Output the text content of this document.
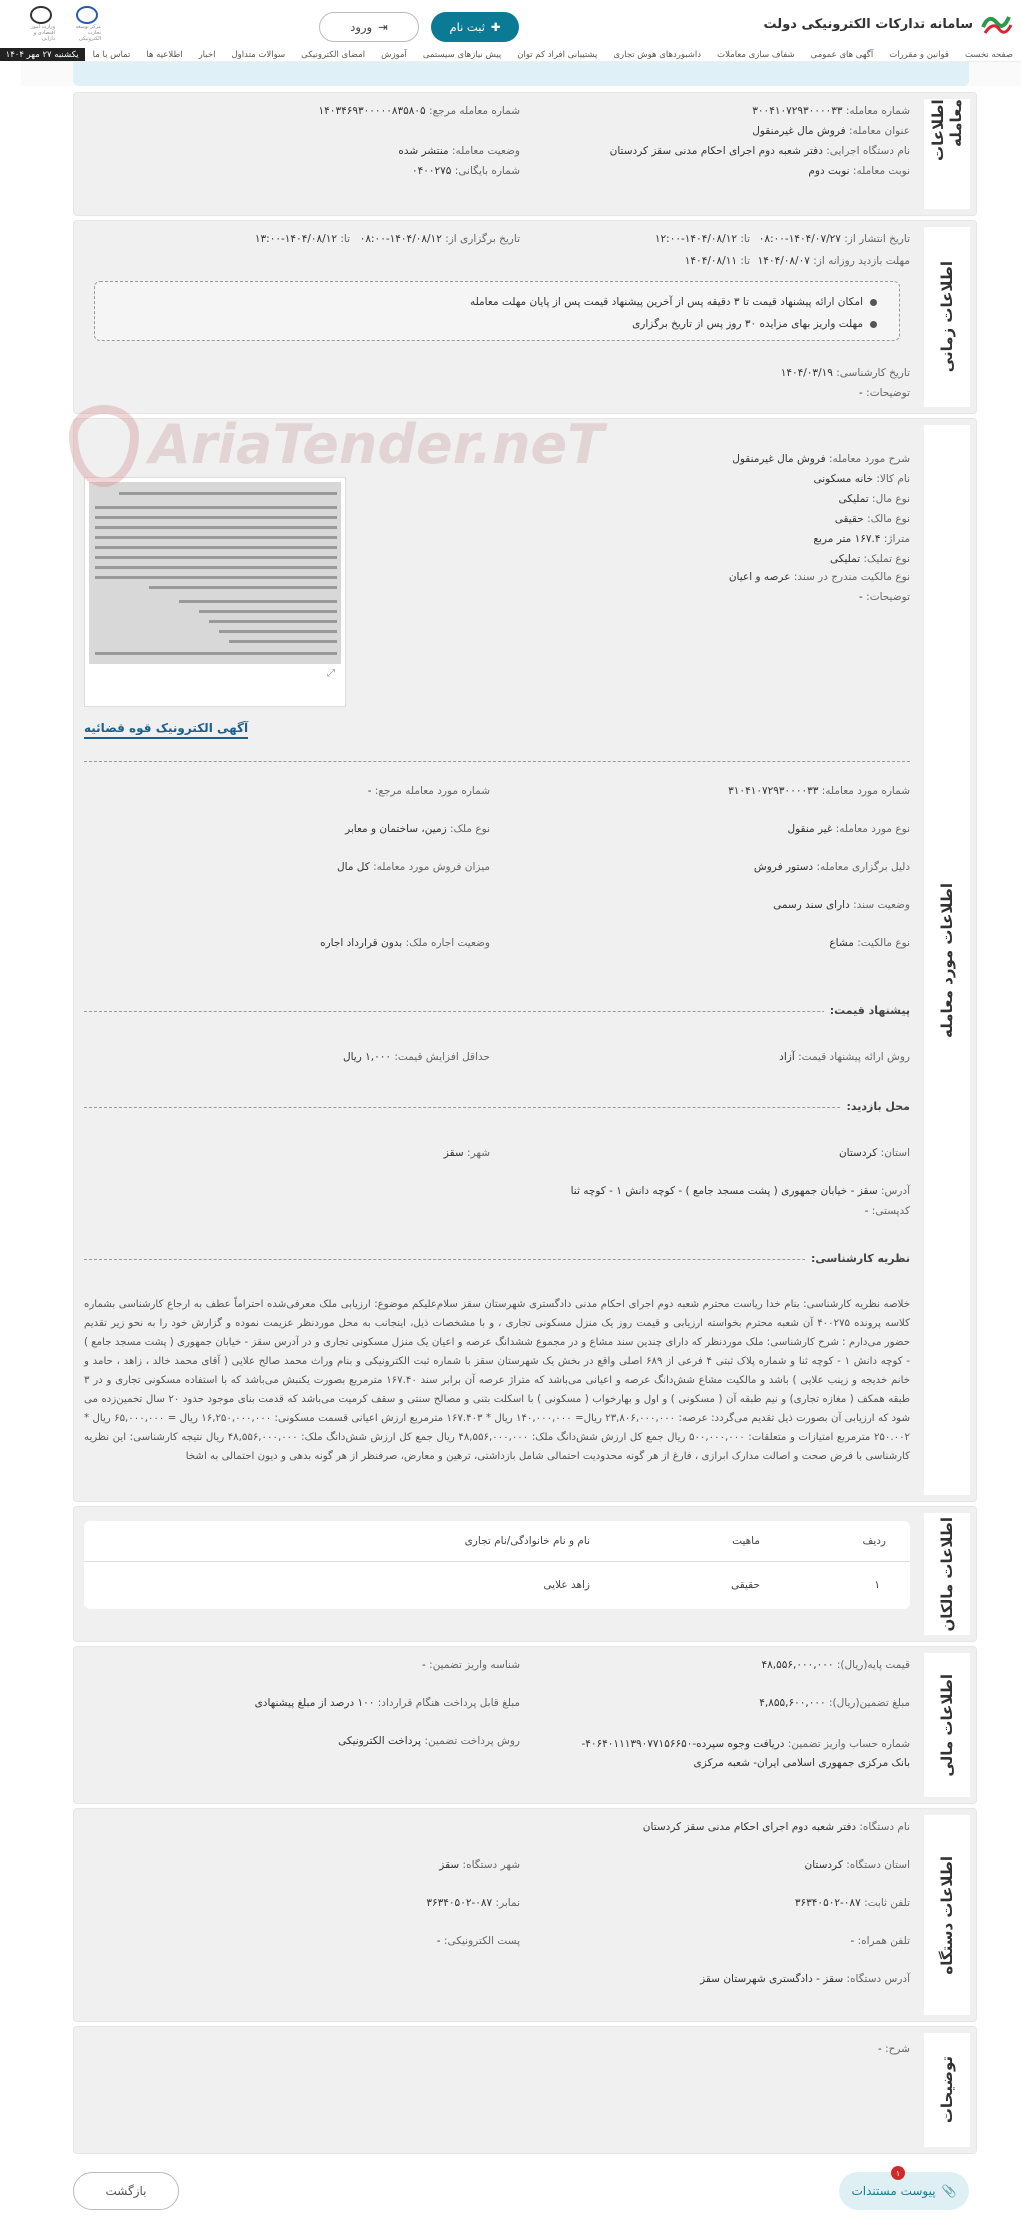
سامانه تدارکات الکترونیکی دولت
✚
ثبت نام
⇥
ورود
مرکز توسعه تجارت الکترونیکی
وزارت امور اقتصادی و دارایی
صفحه نخست
قوانین و مقررات
آگهی های عمومی
شفاف سازی معاملات
داشبوردهای هوش تجاری
پشتیبانی افراد کم توان
پیش نیازهای سیستمی
آموزش
امضای الکترونیکی
سوالات متداول
اخبار
اطلاعیه ها
تماس با ما
یکشنبه ۲۷ مهر ۱۴۰۴
اطلاعات معامله
شماره معامله: ۳۰۰۴۱۰۷۲۹۳۰۰۰۰۳۳
عنوان معامله: فروش مال غیرمنقول
نام دستگاه اجرایی: دفتر شعبه دوم اجرای احکام مدنی سقز کردستان
نوبت معامله: نوبت دوم
شماره معامله مرجع: ۱۴۰۳۴۶۹۳۰۰۰۰۰۸۳۵۸۰۵
وضعیت معامله: منتشر شده
شماره بایگانی: ۰۴۰۰۲۷۵
اطلاعات زمانی
تاریخ انتشار از: ۱۴۰۴/۰۷/۲۷-۰۸:۰۰
تا: ۱۴۰۴/۰۸/۱۲-۱۲:۰۰
تاریخ برگزاری از: ۱۴۰۴/۰۸/۱۲-۰۸:۰۰
تا: ۱۴۰۴/۰۸/۱۲-۱۳:۰۰
مهلت بازدید روزانه از: ۱۴۰۴/۰۸/۰۷
تا: ۱۴۰۴/۰۸/۱۱
امکان ارائه پیشنهاد قیمت تا ۳ دقیقه پس از آخرین پیشنهاد قیمت پس از پایان مهلت معامله
مهلت واریز بهای مزایده ۳۰ روز پس از تاریخ برگزاری
تاریخ کارشناسی: ۱۴۰۴/۰۳/۱۹
توضیحات: -
اطلاعات مورد معامله
شرح مورد معامله: فروش مال غیرمنقول
نام کالا: خانه مسکونی
نوع مال: تملیکی
نوع مالک: حقیقی
متراژ: ۱۶۷.۴ متر مربع
نوع تملیک: تملیکی
نوع مالکیت مندرج در سند: عرصه و اعیان
توضیحات: -
⤢
آگهی الکترونیک قوه قضائیه
شماره مورد معامله: ۳۱۰۴۱۰۷۲۹۳۰۰۰۰۳۳
شماره مورد معامله مرجع: -
نوع مورد معامله: غیر منقول
نوع ملک: زمین، ساختمان و معابر
دلیل برگزاری معامله: دستور فروش
میزان فروش مورد معامله: کل مال
وضعیت سند: دارای سند رسمی
نوع مالکیت: مشاع
وضعیت اجاره ملک: بدون قرارداد اجاره
پیشنهاد قیمت:
روش ارائه پیشنهاد قیمت: آزاد
حداقل افزایش قیمت: ۱,۰۰۰ ریال
محل بازدید:
استان: کردستان
شهر: سقز
آدرس: سقز - خیابان جمهوری ( پشت مسجد جامع ) - کوچه دانش ۱ - کوچه ثنا
کدپستی: -
نظریه کارشناسی:
خلاصه نظریه کارشناسی: بنام خدا ریاست محترم شعبه دوم اجرای احکام مدنی دادگستری شهرستان سقز سلام‌علیکم موضوع: ارزیابی ملک معرفی‌شده احتراماً عطف به ارجاع کارشناسی بشماره کلاسه پرونده ۴۰۰۲۷۵ آن شعبه محترم بخواسته ارزیابی و قیمت روز یک منزل مسکونی تجاری ، و با مشخصات ذیل، اینجانب به محل موردنظر عزیمت نموده و گزارش خود را به نحو زیر تقدیم حضور می‌دارم : شرح کارشناسی: ملک موردنظر که دارای چندین سند مشاع و در مجموع ششدانگ عرصه و اعیان یک منزل مسکونی تجاری و در آدرس سقز - خیابان جمهوری ( پشت مسجد جامع ) - کوچه دانش ۱ - کوچه ثنا و شماره پلاک ثبتی ۴ فرعی از ۶۸۹ اصلی واقع در بخش یک شهرستان سقز با شماره ثبت الکترونیکی و بنام وراث محمد صالح علایی ( آقای محمد خالد ، زاهد ، حامد و خانم خدیجه و زینب علایی ) باشد و مالکیت مشاع شش‌دانگ عرصه و اعیانی می‌باشد که متراژ عرصه آن برابر سند ۱۶۷.۴۰ مترمربع بصورت یکنبش می‌باشد که با استفاده مسکونی تجاری و در ۳ طبقه همکف ( مغازه تجاری) و نیم طبقه آن ( مسکونی ) و اول و بهارخواب ( مسکونی ) با اسکلت بتنی و مصالح سنتی و سقف کرمیت می‌باشد که قدمت بنای موجود حدود ۲۰ سال تخمین‌زده می شود که ارزیابی آن بصورت ذیل تقدیم می‌گردد: عرصه: ۲۳,۸۰۶,۰۰۰,۰۰۰ ریال= ۱۴۰,۰۰۰,۰۰۰ ریال * ۱۶۷.۴۰۳ مترمربع ارزش اعیانی قسمت مسکونی: ۱۶,۲۵۰,۰۰۰,۰۰۰ ریال = ۶۵,۰۰۰,۰۰۰ ریال * ۲۵۰.۰۰۲ مترمربع امتیازات و متعلقات: ۵۰۰,۰۰۰,۰۰۰ ریال جمع کل ارزش شش‌دانگ ملک: ۴۸,۵۵۶,۰۰۰,۰۰۰ ریال جمع کل ارزش شش‌دانگ ملک: ۴۸,۵۵۶,۰۰۰,۰۰۰ ریال نتیجه کارشناسی: این نظریه کارشناسی با فرض صحت و اصالت مدارک ابرازی ، فارغ از هر گونه محدودیت احتمالی شامل بازداشتی، ترهین و معارض، صرفنظر از هر گونه بدهی و دیون احتمالی به اشخا
AriaTender.neT
اطلاعات مالکان
ردیف
ماهیت
نام و نام خانوادگی/نام تجاری
۱
حقیقی
زاهد علایی
اطلاعات مالی
قیمت پایه(ریال): ۴۸,۵۵۶,۰۰۰,۰۰۰
شناسه واریز تضمین: -
مبلغ تضمین(ریال): ۴,۸۵۵,۶۰۰,۰۰۰
مبلغ قابل پرداخت هنگام قرارداد: ۱۰۰ درصد از مبلغ پیشنهادی
شماره حساب واریز تضمین: دریافت وجوه سپرده-۴۰۶۴۰۱۱۱۳۹۰۷۷۱۵۶۶۵۰-بانک مرکزی جمهوری اسلامی ایران- شعبه مرکزی
روش پرداخت تضمین: پرداخت الکترونیکی
اطلاعات دستگاه
نام دستگاه: دفتر شعبه دوم اجرای احکام مدنی سقز کردستان
استان دستگاه: کردستان
شهر دستگاه: سقز
تلفن ثابت: ۰۸۷-۳۶۳۴۰۵۰۲
نمابر: ۰۸۷-۳۶۳۴۰۵۰۲
تلفن همراه: -
پست الکترونیکی: -
آدرس دستگاه: سقز - دادگستری شهرستان سقز
توضیحات
شرح: -
بازگشت	📎
پیوست مستندات
۱
